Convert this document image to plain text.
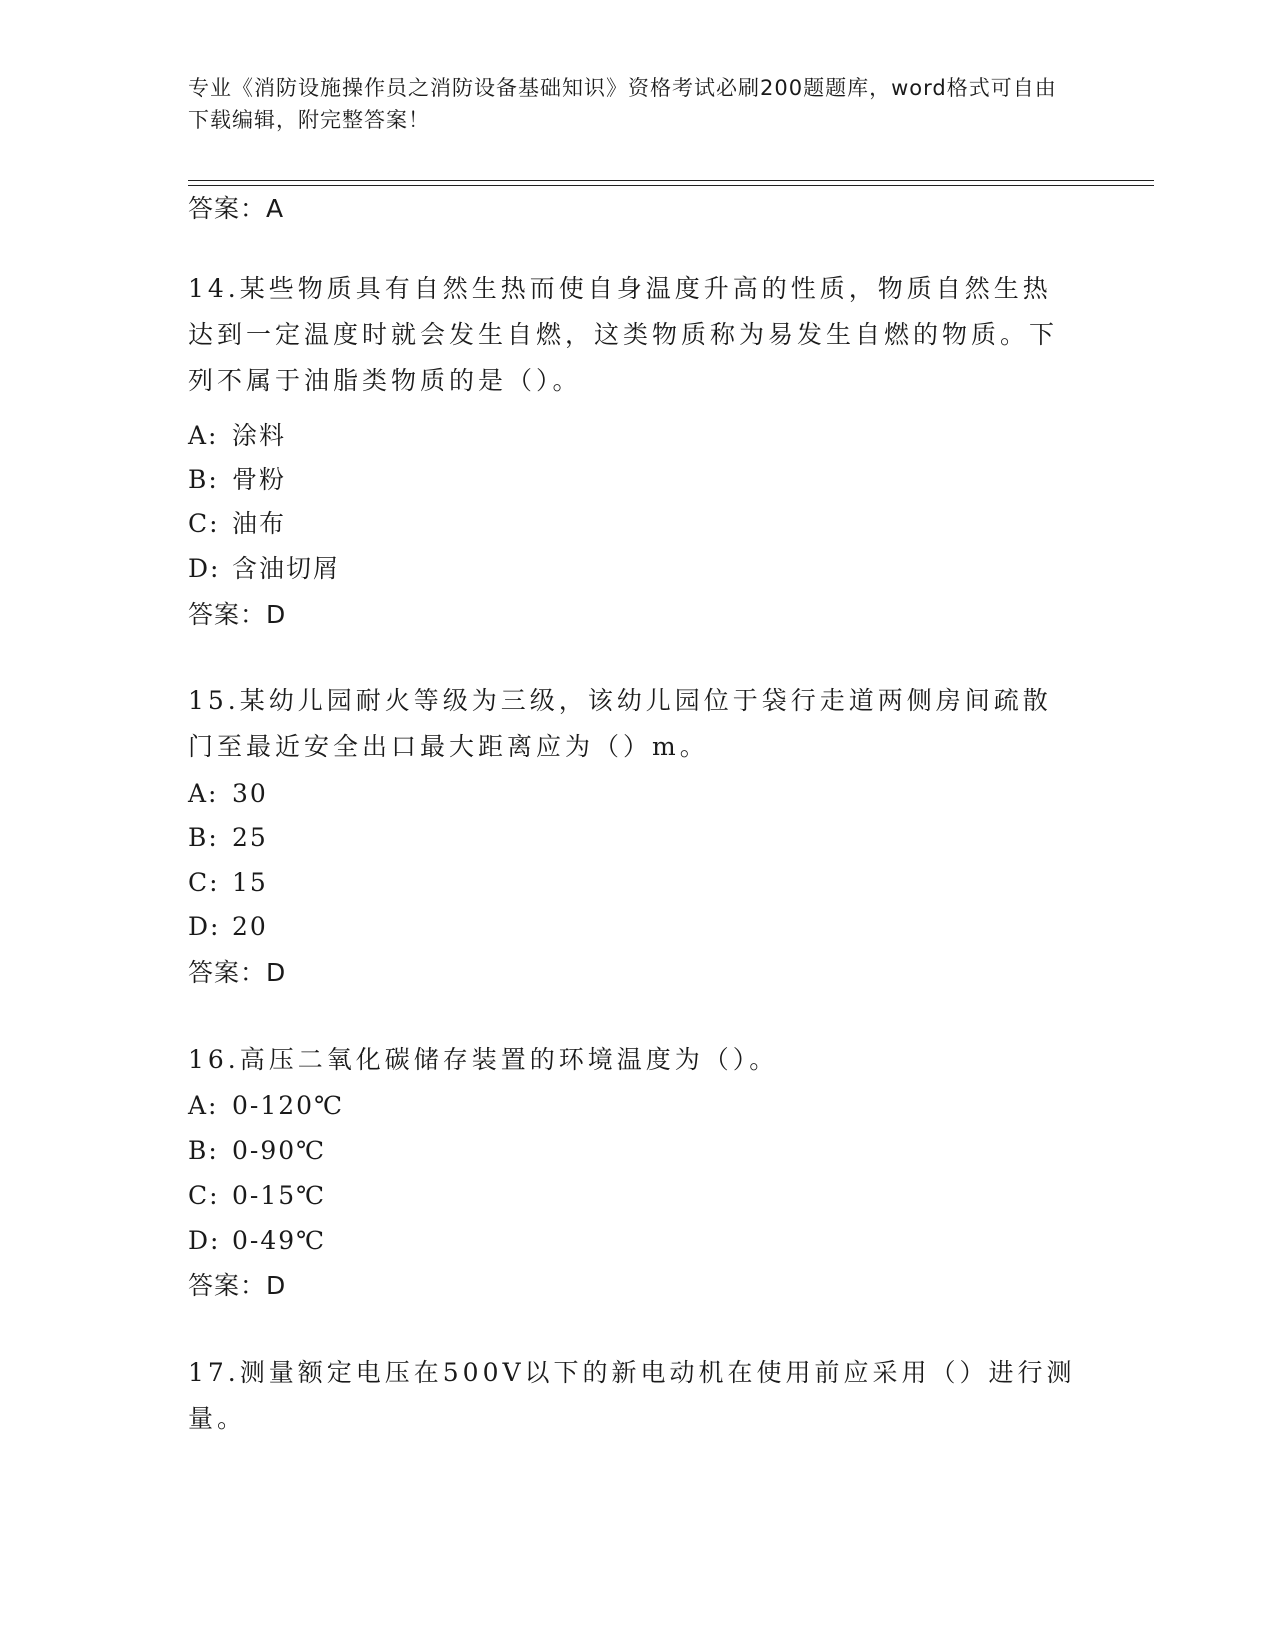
专业《消防设施操作员之消防设备基础知识》资格考试必刷200题题库，word格式可自由下载编辑，附完整答案！
答案：A
14.某些物质具有自然生热而使自身温度升高的性质，物质自然生热达到一定温度时就会发生自燃，这类物质称为易发生自燃的物质。下列不属于油脂类物质的是（）。
A: 涂料
B: 骨粉
C: 油布
D: 含油切屑
答案：D
15.某幼儿园耐火等级为三级，该幼儿园位于袋行走道两侧房间疏散门至最近安全出口最大距离应为（）m。
A: 30
B: 25
C: 15
D: 20
答案：D
16.高压二氧化碳储存装置的环境温度为（）。
A: 0-120℃
B: 0-90℃
C: 0-15℃
D: 0-49℃
答案：D
17.测量额定电压在500V以下的新电动机在使用前应采用（）进行测量。
